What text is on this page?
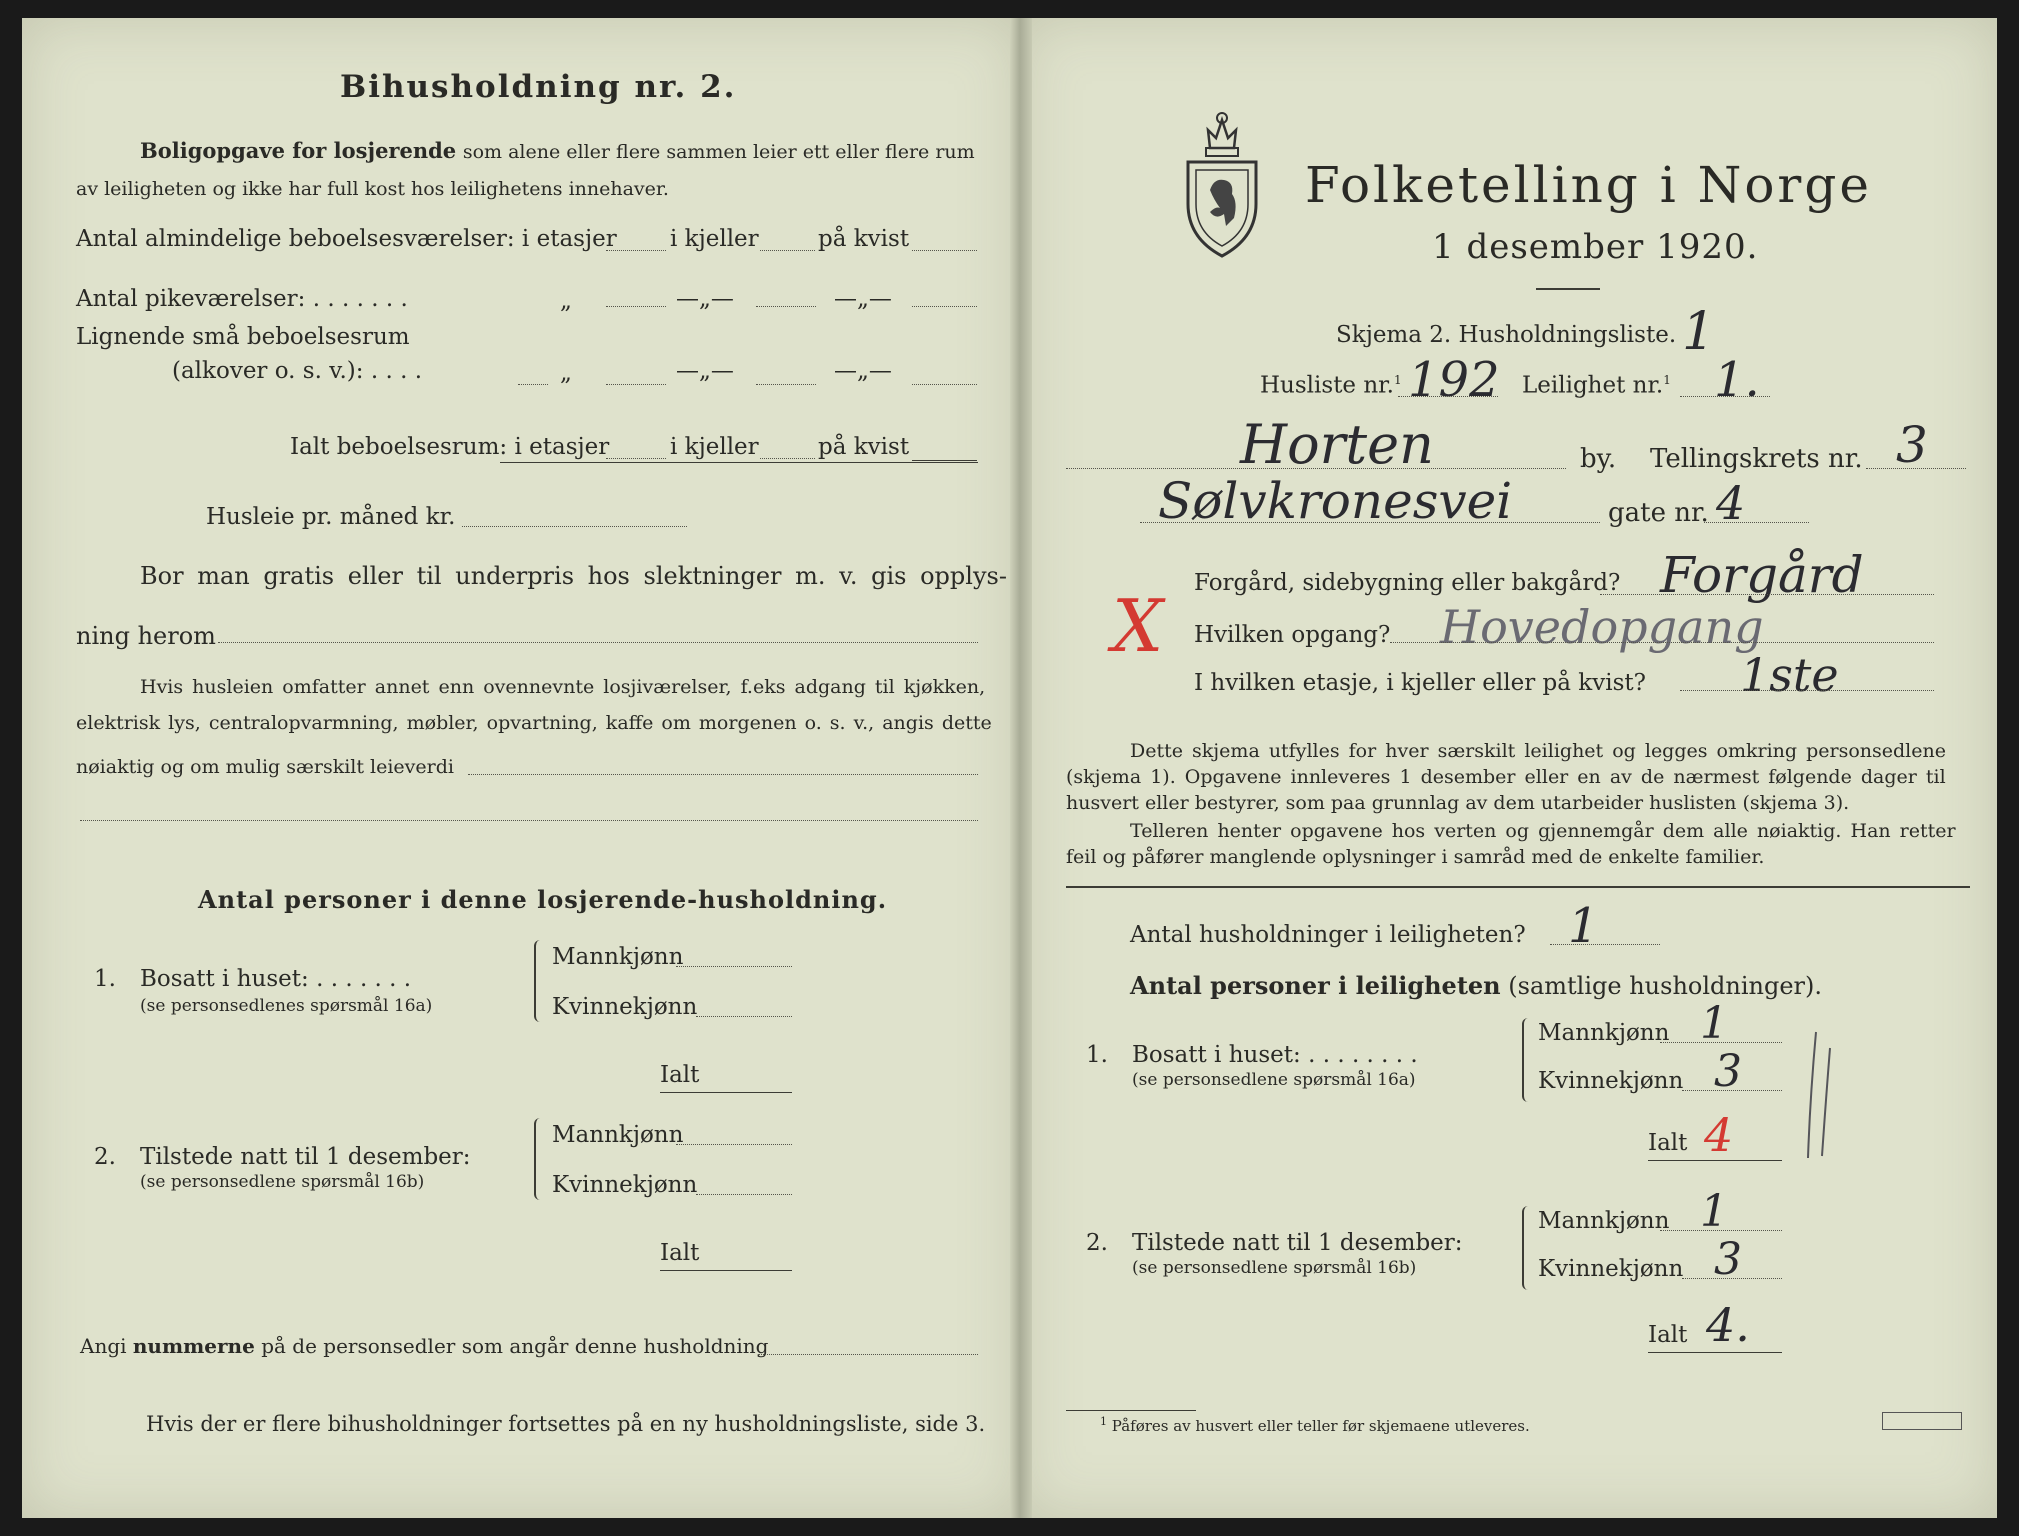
Bihusholdning nr. 2.
Boligopgave for losjerende som alene eller flere sammen leier ett eller flere rum
av leiligheten og ikke har full kost hos leilighetens innehaver.
Antal almindelige beboelsesværelser: i etasjer i kjeller	på kvist
Antal pikeværelser: . . . . . . .	„	—„—	—„—
Lignende små beboelsesrum
(alkover o. s. v.): . . . .	„	—„—	—„—
Ialt beboelsesrum: i etasjer	i kjeller	på kvist
Husleie pr. måned kr.
Bor man gratis eller til underpris hos slektninger m. v. gis opplys-
ning herom
Hvis husleien omfatter annet enn ovennevnte losjiværelser, f.eks adgang til kjøkken,
elektrisk lys, centralopvarmning, møbler, opvartning, kaffe om morgenen o. s. v., angis dette
nøiaktig og om mulig særskilt leieverdi
Antal personer i denne losjerende-husholdning.
1. Bosatt i huset: . . . . . . .
(se personsedlenes spørsmål 16a)
Mannkjønn
Kvinnekjønn
Ialt
2. Tilstede natt til 1 desember:
(se personsedlene spørsmål 16b)
Mannkjønn
Kvinnekjønn
Ialt
Angi nummerne på de personsedler som angår denne husholdning
Hvis der er flere bihusholdninger fortsettes på en ny husholdningsliste, side 3.
Folketelling i Norge
1 desember 1920.
Skjema 2. Husholdningsliste. 1
Husliste nr.$^1$ 192 Leilighet nr.$^1$ 1.
Horten	by. Tellingskrets nr. 3
Sølvkronesvei	gate nr. 4
X
Forgård, sidebygning eller bakgård? Forgård
Hvilken opgang? Hovedopgang
I hvilken etasje, i kjeller eller på kvist? 1ste
Dette skjema utfylles for hver særskilt leilighet og legges omkring personsedlene
(skjema 1). Opgavene innleveres 1 desember eller en av de nærmest følgende dager til
husvert eller bestyrer, som paa grunnlag av dem utarbeider huslisten (skjema 3).
Telleren henter opgavene hos verten og gjennemgår dem alle nøiaktig. Han retter
feil og påfører manglende oplysninger i samråd med de enkelte familier.
Antal husholdninger i leiligheten? 1
Antal personer i leiligheten (samtlige husholdninger).
1. Bosatt i huset: . . . . . . . .
(se personsedlene spørsmål 16a)
Mannkjønn 1
Kvinnekjønn 3
Ialt 4
2. Tilstede natt til 1 desember:
(se personsedlene spørsmål 16b)
Mannkjønn 1
Kvinnekjønn 3
Ialt 4.
$^1$ Påføres av husvert eller teller før skjemaene utleveres.
